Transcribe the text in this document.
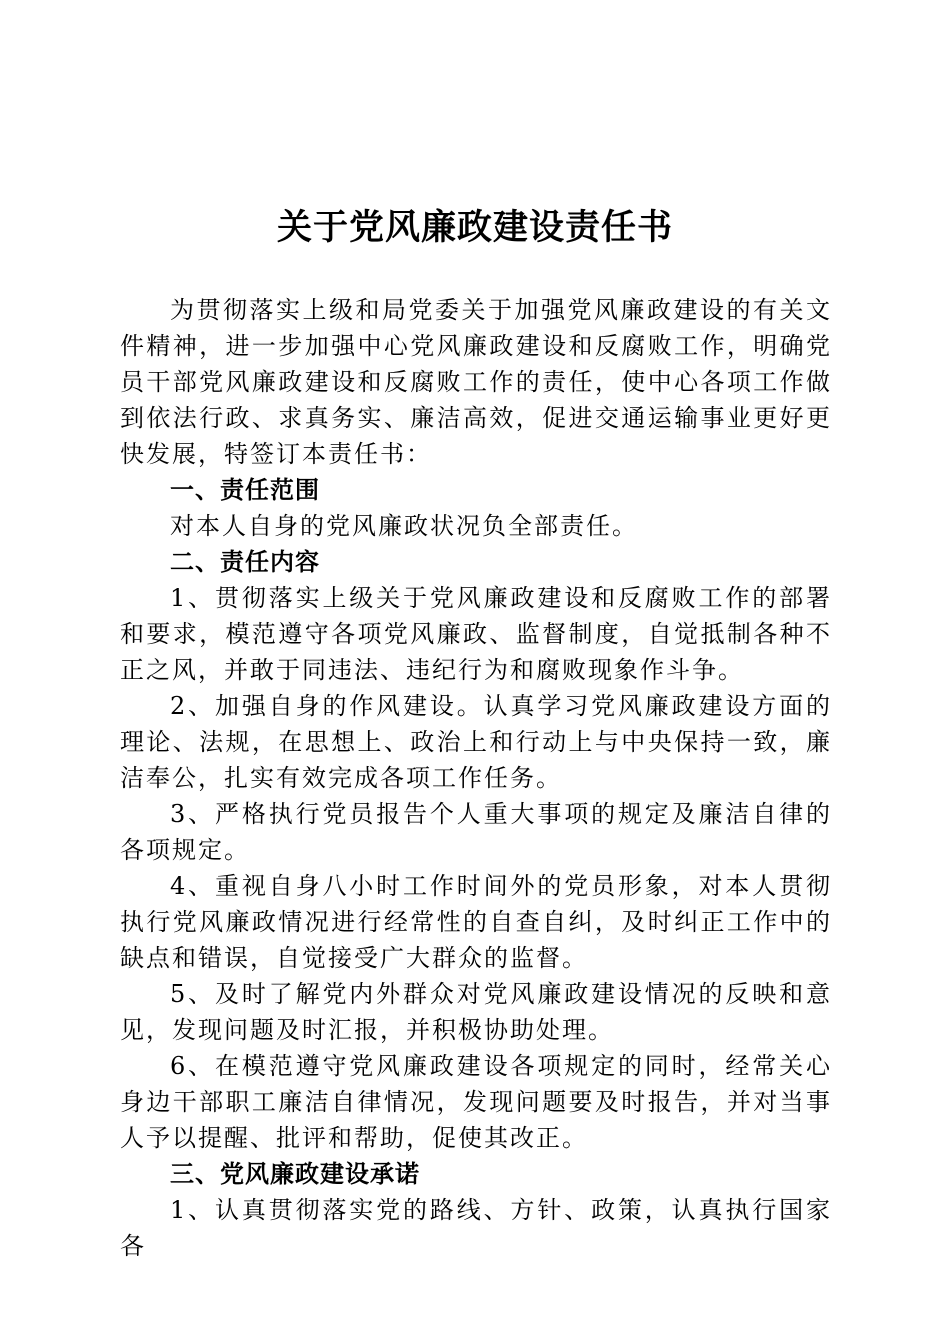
关于党风廉政建设责任书

为贯彻落实上级和局党委关于加强党风廉政建设的有关文件精神，进一步加强中心党风廉政建设和反腐败工作，明确党员干部党风廉政建设和反腐败工作的责任，使中心各项工作做到依法行政、求真务实、廉洁高效，促进交通运输事业更好更快发展，特签订本责任书：

一、责任范围

对本人自身的党风廉政状况负全部责任。

二、责任内容

1、贯彻落实上级关于党风廉政建设和反腐败工作的部署和要求，模范遵守各项党风廉政、监督制度，自觉抵制各种不正之风，并敢于同违法、违纪行为和腐败现象作斗争。

2、加强自身的作风建设。认真学习党风廉政建设方面的理论、法规，在思想上、政治上和行动上与中央保持一致，廉洁奉公，扎实有效完成各项工作任务。

3、严格执行党员报告个人重大事项的规定及廉洁自律的各项规定。

4、重视自身八小时工作时间外的党员形象，对本人贯彻执行党风廉政情况进行经常性的自查自纠，及时纠正工作中的缺点和错误，自觉接受广大群众的监督。

5、及时了解党内外群众对党风廉政建设情况的反映和意见，发现问题及时汇报，并积极协助处理。

6、在模范遵守党风廉政建设各项规定的同时，经常关心身边干部职工廉洁自律情况，发现问题要及时报告，并对当事人予以提醒、批评和帮助，促使其改正。

三、党风廉政建设承诺

1、认真贯彻落实党的路线、方针、政策，认真执行国家各
